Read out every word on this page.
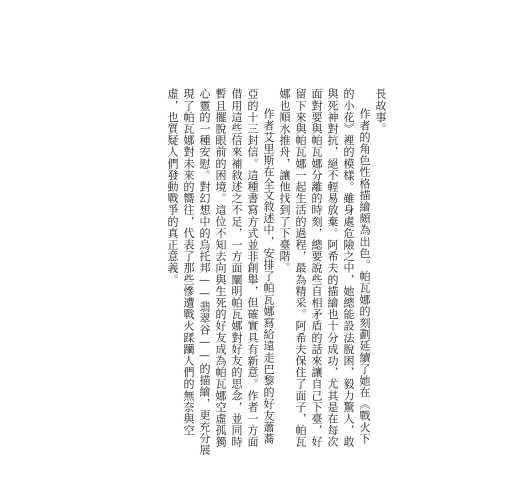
長故事。
作者的角色性格描繪頗為出色。帕瓦娜的刻劃延續了她在《戰火下
的小花》裡的模樣。雖身處危險之中，她總能設法脫困，毅力驚人，敢
與死神對抗，絕不輕易放棄。阿希夫的描繪也十分成功，尤其是在每次
面對要與帕瓦娜分離的時刻，總要說些自相矛盾的話來讓自己下臺，好
留下來與帕瓦娜一起生活的過程，最為精采。阿希夫保住了面子，帕瓦
娜也順水推舟，讓他找到了下臺階。
作者艾里斯在全文敘述中，安排了帕瓦娜寫給遠走巴黎的好友蕭蕎
亞的十三封信。這種書寫方式並非創舉，但確實具有新意。作者一方面
借用這些信來補敘述之不足，一方面闡明帕瓦娜對好友的思念，並同時
暫且擺脫眼前的困境。這位不知去向與生死的好友成為帕瓦娜空虛孤獨
心靈的一種安慰。對幻想中的烏托邦——翡翠谷——的描繪，更充分展
現了帕瓦娜對未來的嚮往，代表了那些慘遭戰火蹂躪人們的無奈與空
虛，也質疑人們發動戰爭的真正意義。
